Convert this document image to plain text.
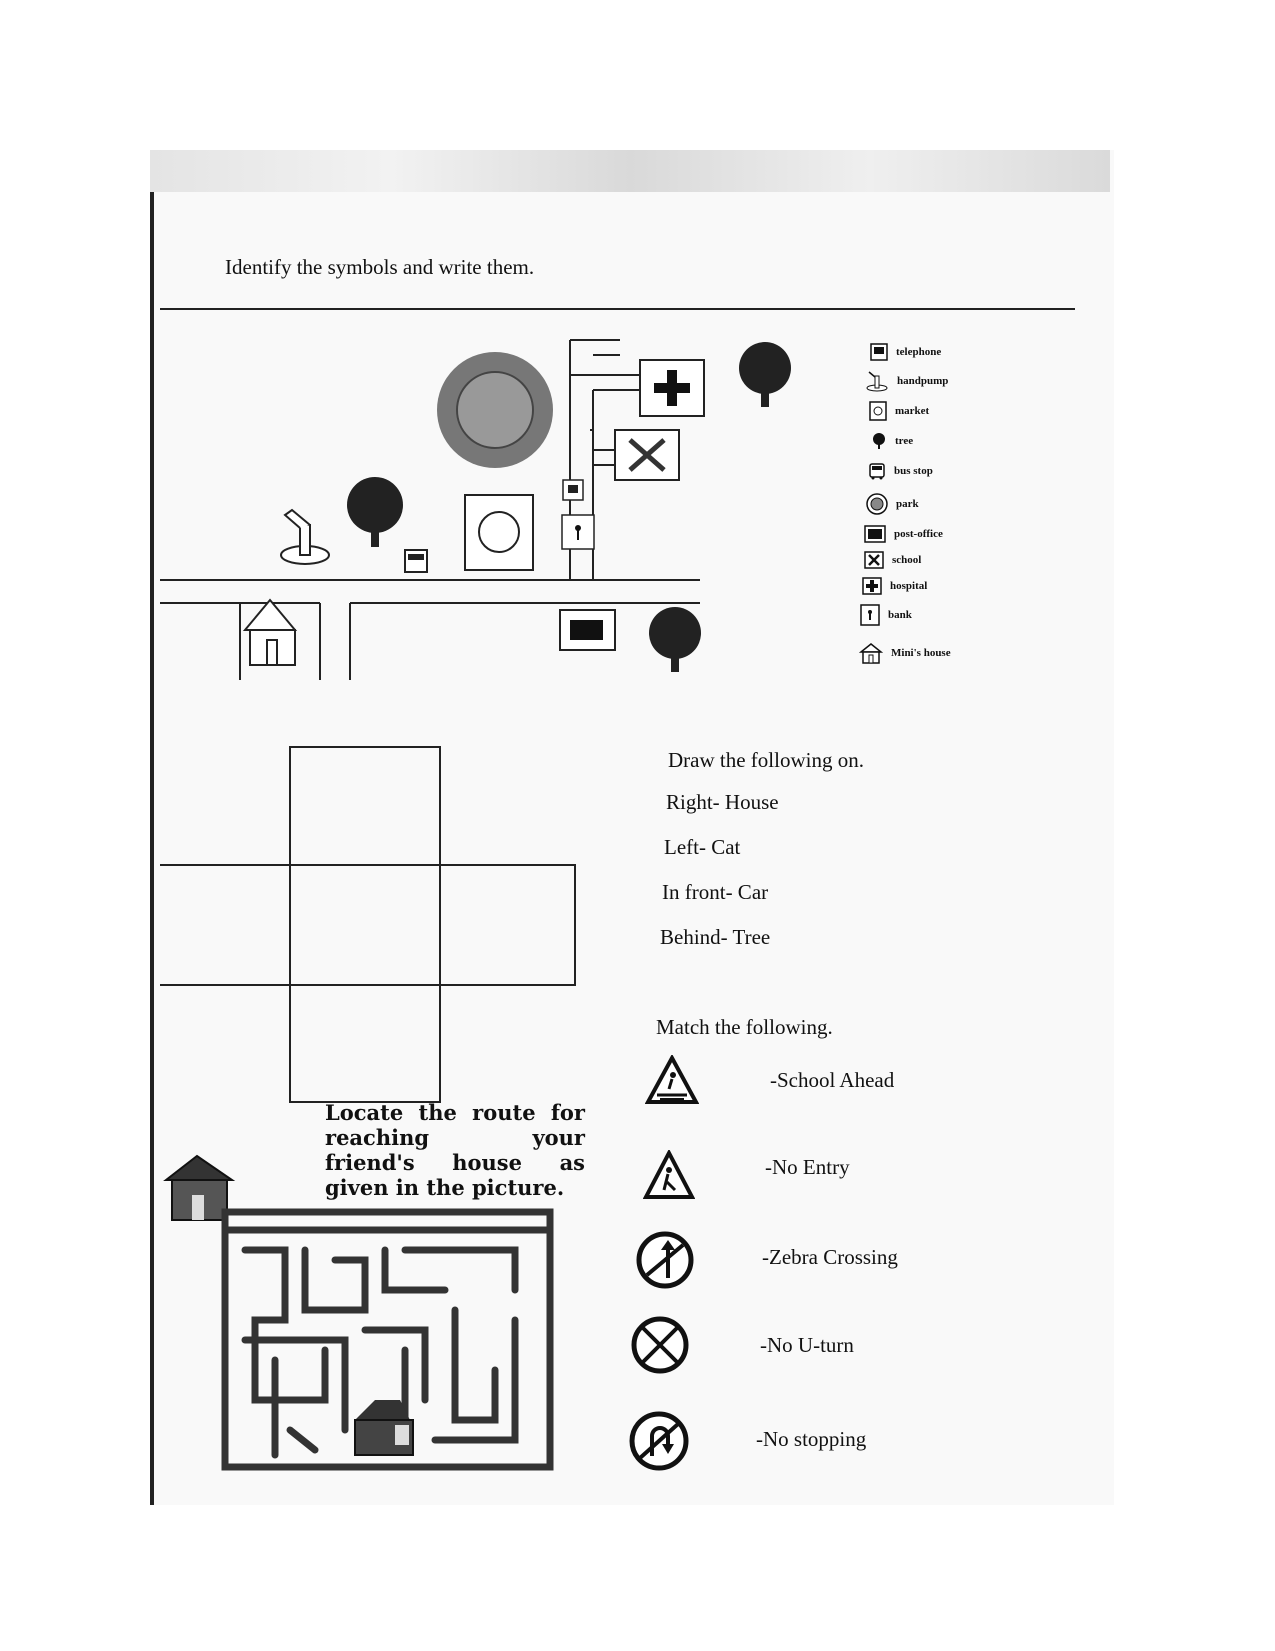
Identify the symbols and write them.
telephone
handpump
market
tree
bus stop
park
post-office
school
hospital
bank
Mini's house
Draw the following on.
Right- House
Left- Cat
In front- Car
Behind- Tree
Match the following.
-School Ahead
-No Entry
-Zebra Crossing
-No U-turn
-No stopping
Locate the route for reaching your friend's house as given in the picture.
